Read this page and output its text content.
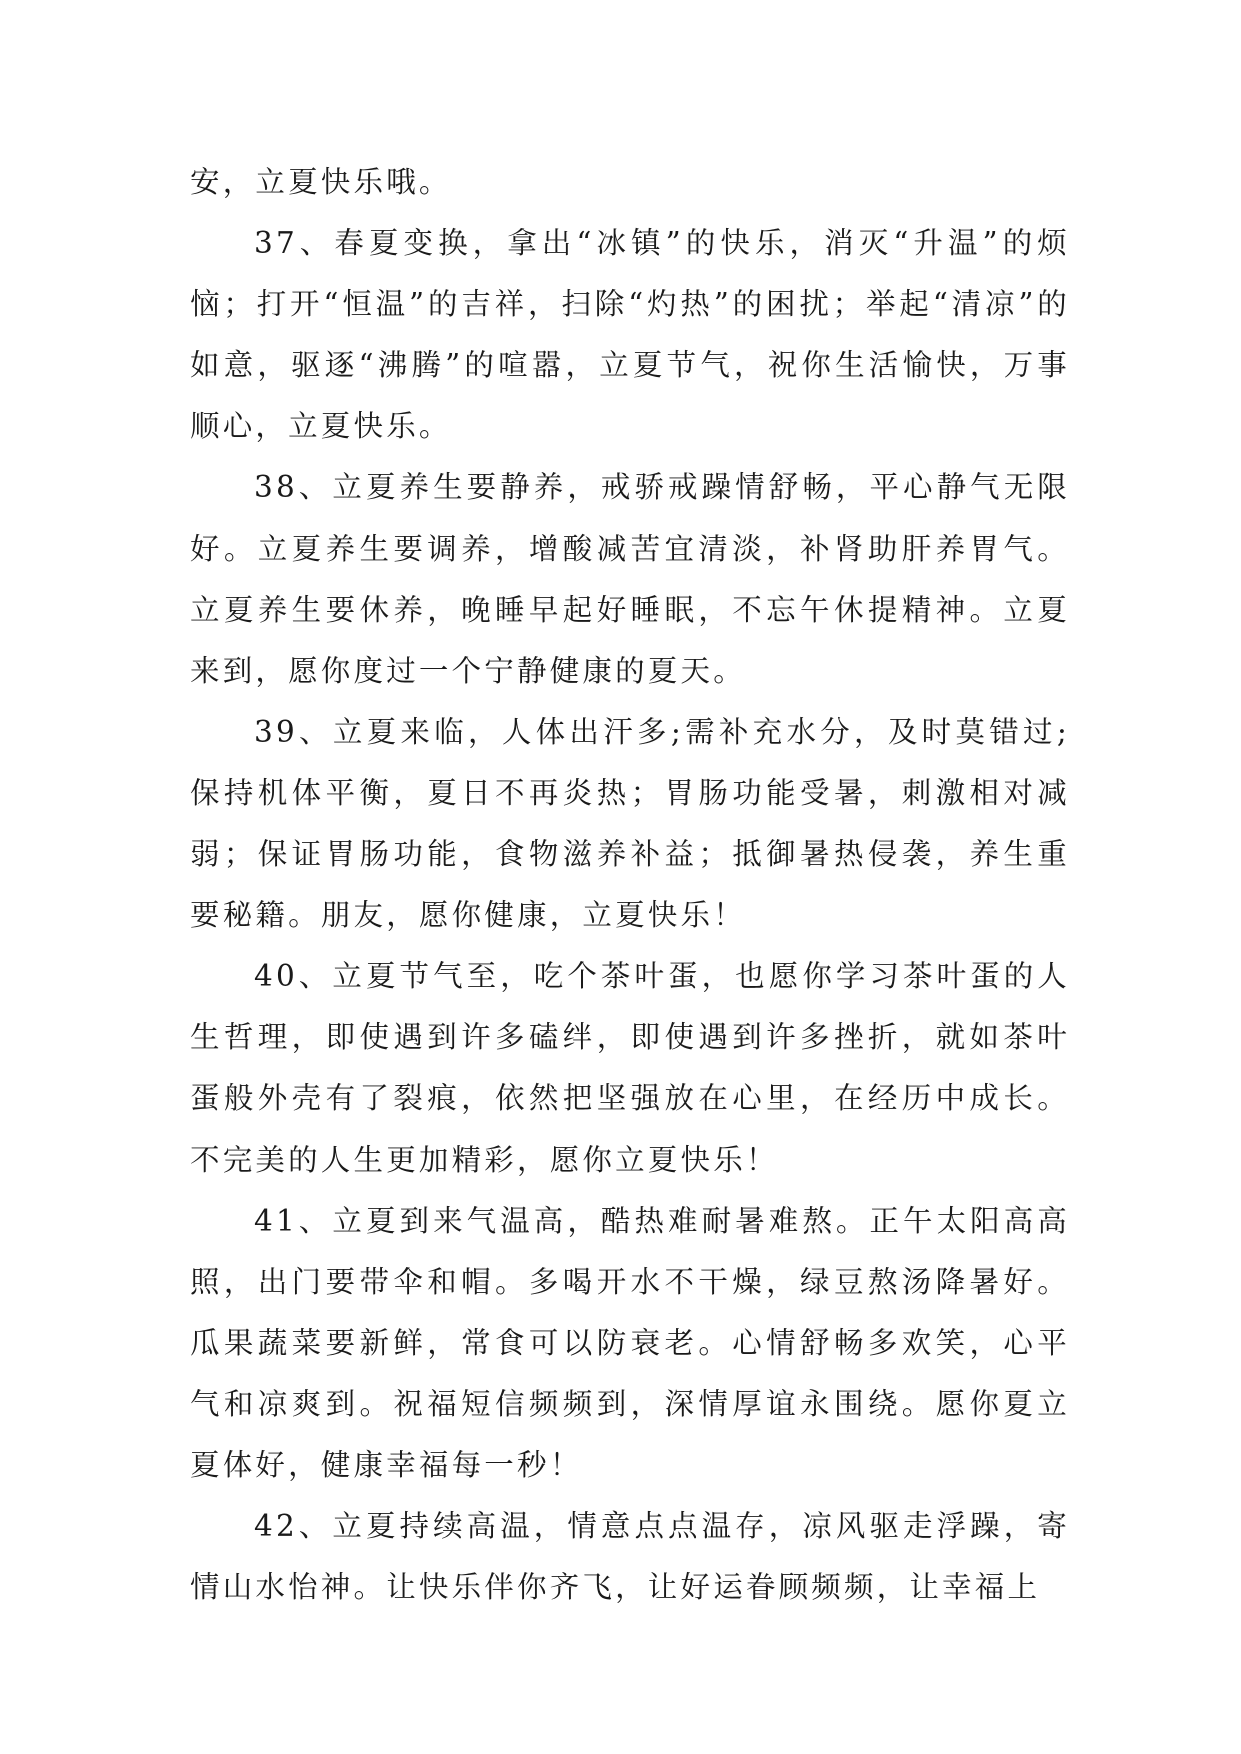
安，立夏快乐哦。

37、春夏变换，拿出“冰镇”的快乐，消灭“升温”的烦恼；打开“恒温”的吉祥，扫除“灼热”的困扰；举起“清凉”的如意，驱逐“沸腾”的喧嚣，立夏节气，祝你生活愉快，万事顺心，立夏快乐。

38、立夏养生要静养，戒骄戒躁情舒畅，平心静气无限好。立夏养生要调养，增酸减苦宜清淡，补肾助肝养胃气。立夏养生要休养，晚睡早起好睡眠，不忘午休提精神。立夏来到，愿你度过一个宁静健康的夏天。

39、立夏来临，人体出汗多;需补充水分，及时莫错过;保持机体平衡，夏日不再炎热；胃肠功能受暑，刺激相对减弱；保证胃肠功能，食物滋养补益；抵御暑热侵袭，养生重要秘籍。朋友，愿你健康，立夏快乐！

40、立夏节气至，吃个茶叶蛋，也愿你学习茶叶蛋的人生哲理，即使遇到许多磕绊，即使遇到许多挫折，就如茶叶蛋般外壳有了裂痕，依然把坚强放在心里，在经历中成长。不完美的人生更加精彩，愿你立夏快乐！

41、立夏到来气温高，酷热难耐暑难熬。正午太阳高高照，出门要带伞和帽。多喝开水不干燥，绿豆熬汤降暑好。瓜果蔬菜要新鲜，常食可以防衰老。心情舒畅多欢笑，心平气和凉爽到。祝福短信频频到，深情厚谊永围绕。愿你夏立夏体好，健康幸福每一秒！

42、立夏持续高温，情意点点温存，凉风驱走浮躁，寄情山水怡神。让快乐伴你齐飞，让好运眷顾频频，让幸福上
